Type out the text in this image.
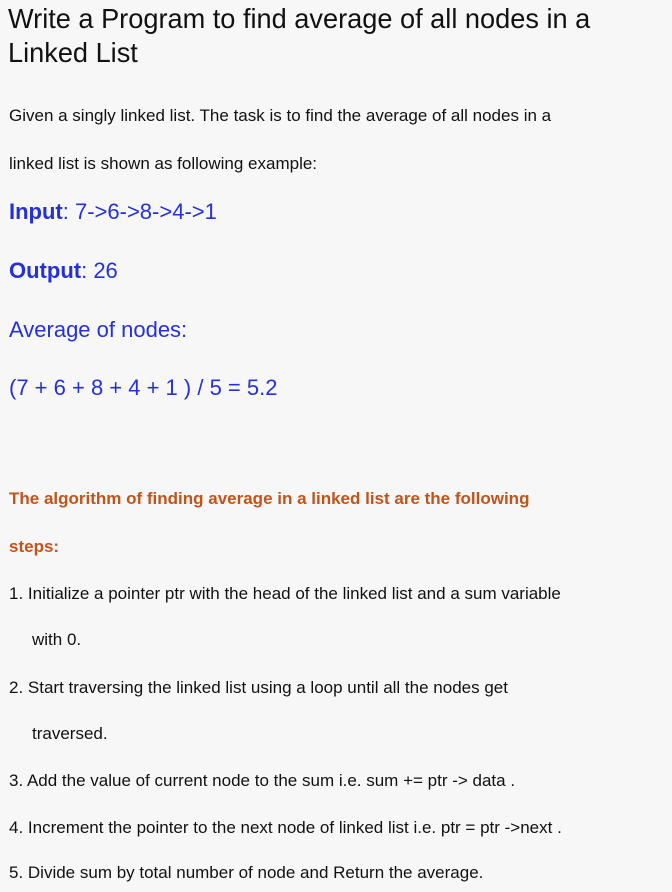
Write a Program to find average of all nodes in a
Linked List
Given a singly linked list. The task is to find the average of all nodes in a
linked list is shown as following example:
Input: 7->6->8->4->1
Output: 26
Average of nodes:
(7 + 6 + 8 + 4 + 1 ) / 5 = 5.2
The algorithm of finding average in a linked list are the following
steps:
1. Initialize a pointer ptr with the head of the linked list and a sum variable
with 0.
2. Start traversing the linked list using a loop until all the nodes get
traversed.
3. Add the value of current node to the sum i.e. sum += ptr -> data .
4. Increment the pointer to the next node of linked list i.e. ptr = ptr ->next .
5. Divide sum by total number of node and Return the average.
